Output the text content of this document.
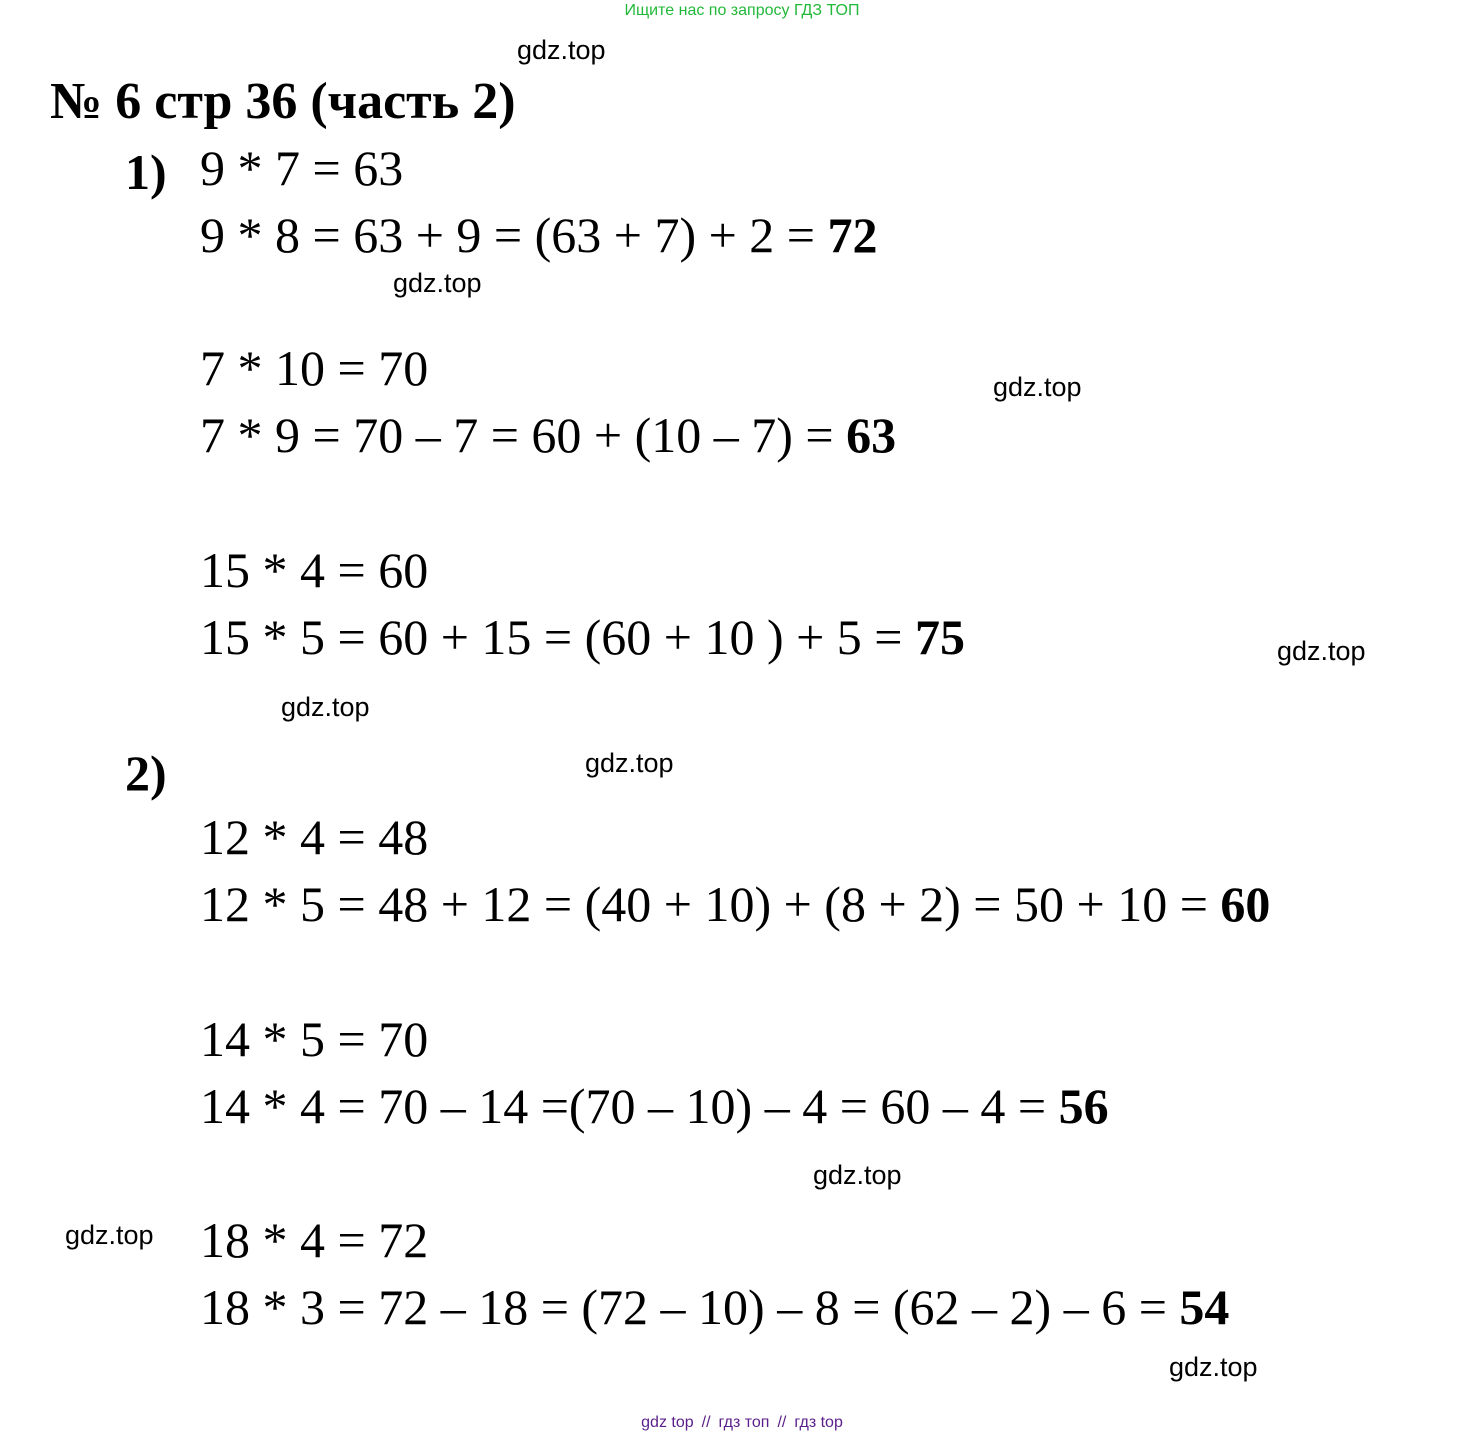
Ищите нас по запросу ГДЗ ТОП
gdz.top
№ 6 стр 36 (часть 2)
1) 9 * 7 = 63
9 * 8 = 63 + 9 = (63 + 7) + 2 = 72
gdz.top
7 * 10 = 70	gdz.top
7 * 9 = 70 – 7 = 60 + (10 – 7) = 63
15 * 4 = 60
15 * 5 = 60 + 15 = (60 + 10 ) + 5 = 75	gdz.top
gdz.top
2)	gdz.top
12 * 4 = 48
12 * 5 = 48 + 12 = (40 + 10) + (8 + 2) = 50 + 10 = 60
14 * 5 = 70
14 * 4 = 70 – 14 =(70 – 10) – 4 = 60 – 4 = 56
gdz.top
gdz.top 18 * 4 = 72
18 * 3 = 72 – 18 = (72 – 10) – 8 = (62 – 2) – 6 = 54
gdz.top
gdz top // гдз топ // гдз top
